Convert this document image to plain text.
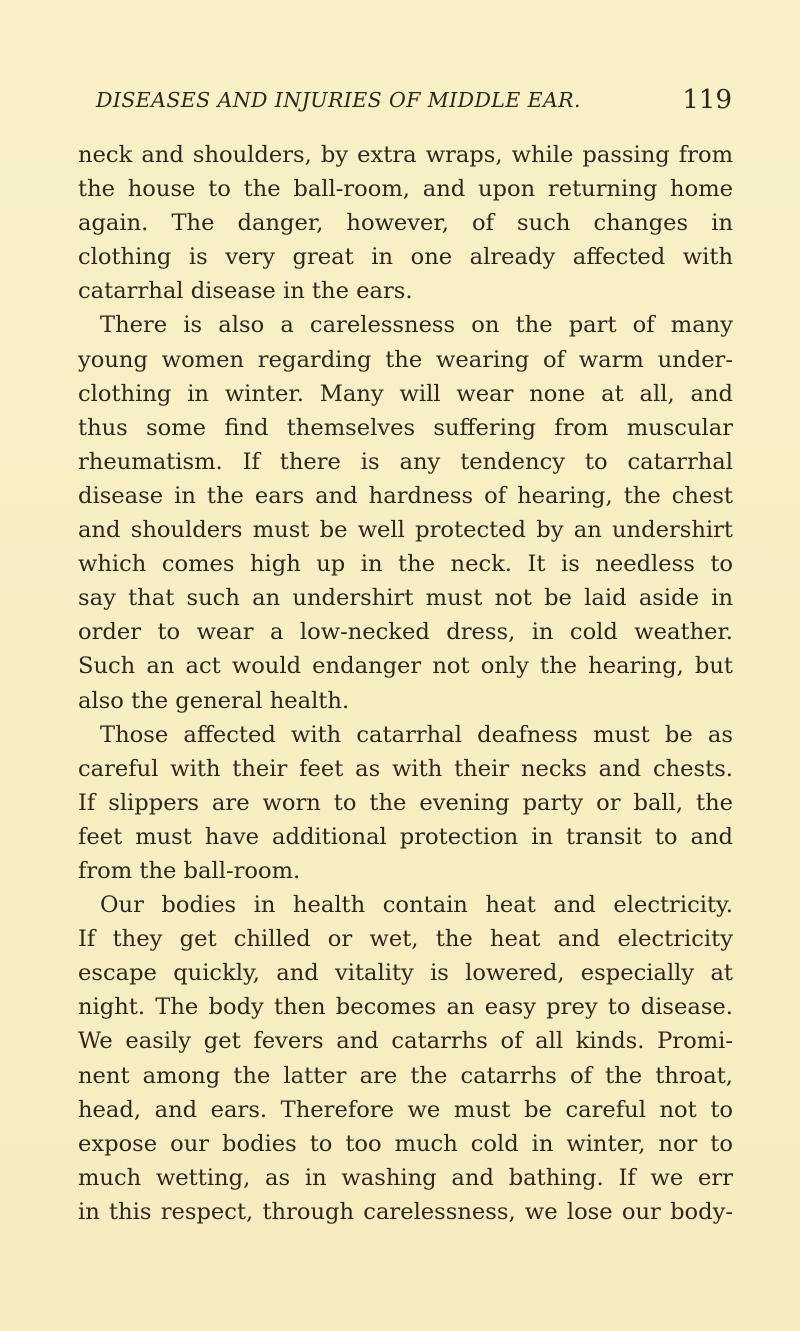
DISEASES AND INJURIES OF MIDDLE EAR.	119
neck and shoulders, by extra wraps, while passing from
the house to the ball-room, and upon returning home
again. The danger, however, of such changes in
clothing is very great in one already affected with
catarrhal disease in the ears.
There is also a carelessness on the part of many
young women regarding the wearing of warm under-
clothing in winter. Many will wear none at all, and
thus some find themselves suffering from muscular
rheumatism. If there is any tendency to catarrhal
disease in the ears and hardness of hearing, the chest
and shoulders must be well protected by an undershirt
which comes high up in the neck. It is needless to
say that such an undershirt must not be laid aside in
order to wear a low-necked dress, in cold weather.
Such an act would endanger not only the hearing, but
also the general health.
Those affected with catarrhal deafness must be as
careful with their feet as with their necks and chests.
If slippers are worn to the evening party or ball, the
feet must have additional protection in transit to and
from the ball-room.
Our bodies in health contain heat and electricity.
If they get chilled or wet, the heat and electricity
escape quickly, and vitality is lowered, especially at
night. The body then becomes an easy prey to disease.
We easily get fevers and catarrhs of all kinds. Promi-
nent among the latter are the catarrhs of the throat,
head, and ears. Therefore we must be careful not to
expose our bodies to too much cold in winter, nor to
much wetting, as in washing and bathing. If we err
in this respect, through carelessness, we lose our body-
